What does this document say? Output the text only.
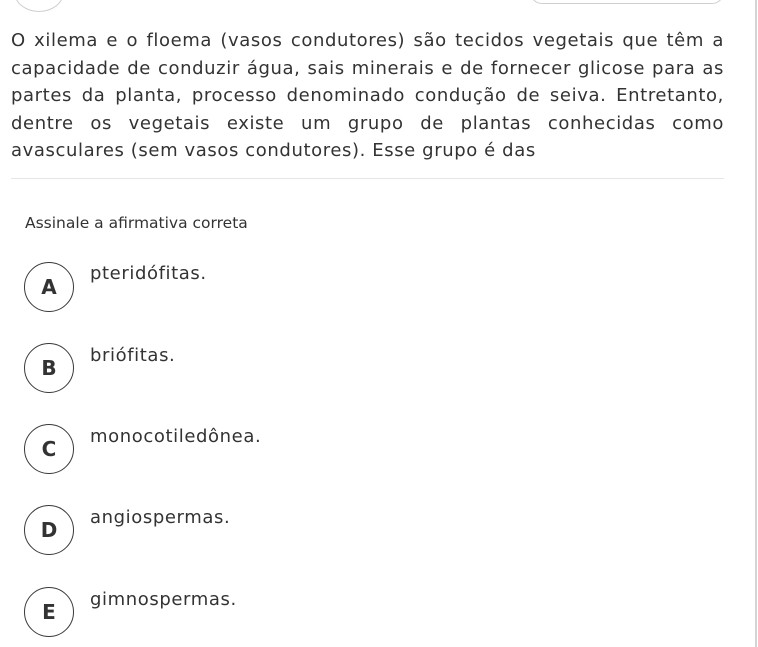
O xilema e o floema (vasos condutores) são tecidos vegetais que têm a capacidade de conduzir água, sais minerais e de fornecer glicose para as partes da planta, processo denominado condução de seiva. Entretanto, dentre os vegetais existe um grupo de plantas conhecidas como avasculares (sem vasos condutores). Esse grupo é das

Assinale a afirmativa correta
A
pteridófitas.
B
briófitas.
C
monocotiledônea.
D
angiospermas.
E
gimnospermas.
